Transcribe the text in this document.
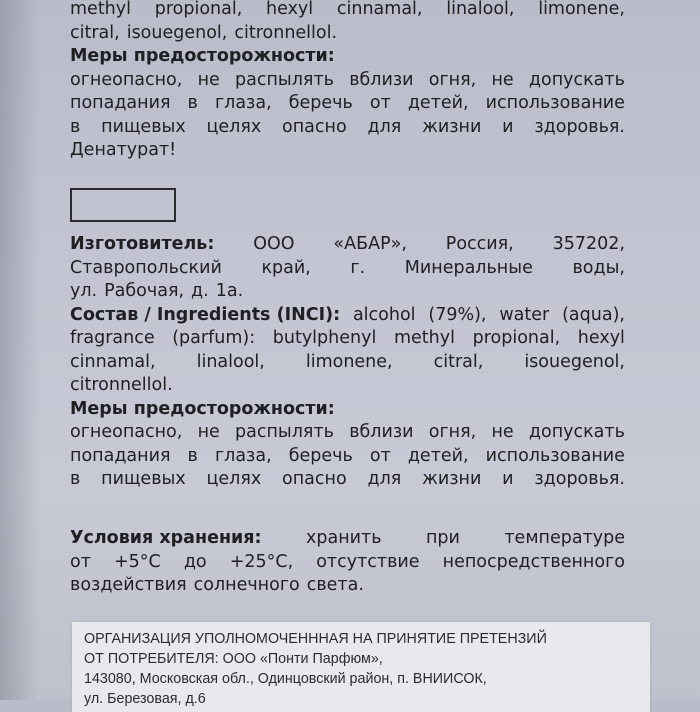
methyl propional, hexyl cinnamal, linalool, limonene,
citral, isouegenol, citronnellol.
Меры предосторожности:
огнеопасно, не распылять вблизи огня, не допускать
попадания в глаза, беречь от детей, использование
в пищевых целях опасно для жизни и здоровья.
Денатурат!
Изготовитель: ООО «АБАР», Россия, 357202,
Ставропольский край, г. Минеральные воды,
ул. Рабочая, д. 1а.
Состав / Ingredients (INCI): alcohol (79%), water (aqua),
fragrance (parfum): butylphenyl methyl propional, hexyl
cinnamal, linalool, limonene, citral, isouegenol,
citronnellol.
Меры предосторожности:
огнеопасно, не распылять вблизи огня, не допускать
попадания в глаза, беречь от детей, использование
в пищевых целях опасно для жизни и здоровья.
Условия хранения:	хранить	при	температуре
от +5°С до +25°С, отсутствие непосредственного
воздействия солнечного света.
ОРГАНИЗАЦИЯ УПОЛНОМОЧЕНННАЯ НА ПРИНЯТИЕ ПРЕТЕНЗИЙ
ОТ ПОТРЕБИТЕЛЯ: ООО «Понти Парфюм»,
143080, Московская обл., Одинцовский район, п. ВНИИСОК,
ул. Березовая, д.6
